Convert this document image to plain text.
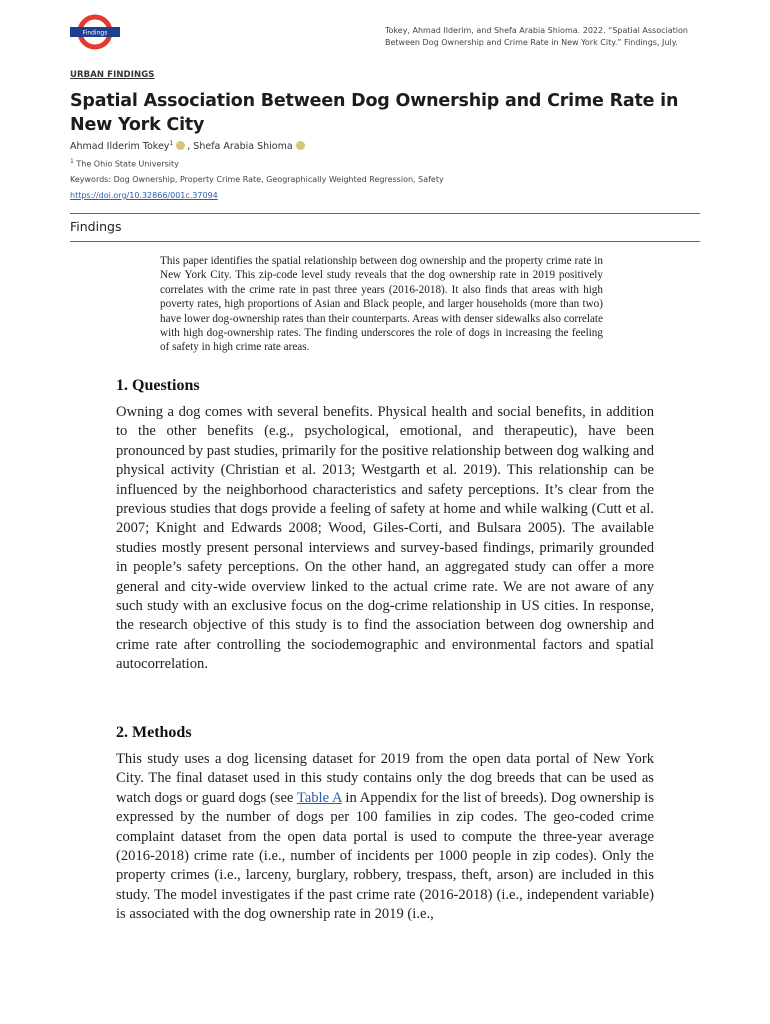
Findings	Tokey, Ahmad Ilderim, and Shefa Arabia Shioma. 2022. “Spatial Association Between Dog Ownership and Crime Rate in New York City.” Findings, July.
URBAN FINDINGS
Spatial Association Between Dog Ownership and Crime Rate in New York City
Ahmad Ilderim Tokey$^1$ , Shefa Arabia Shioma
$^1$ The Ohio State University
Keywords: Dog Ownership, Property Crime Rate, Geographically Weighted Regression, Safety
https://doi.org/10.32866/001c.37094
Findings

This paper identifies the spatial relationship between dog ownership and the property crime rate in New York City. This zip-code level study reveals that the dog ownership rate in 2019 positively correlates with the crime rate in past three years (2016-2018). It also finds that areas with high poverty rates, high proportions of Asian and Black people, and larger households (more than two) have lower dog-ownership rates than their counterparts. Areas with denser sidewalks also correlate with high dog-ownership rates. The finding underscores the role of dogs in increasing the feeling of safety in high crime rate areas.

1. Questions

Owning a dog comes with several benefits. Physical health and social benefits, in addition to the other benefits (e.g., psychological, emotional, and therapeutic), have been pronounced by past studies, primarily for the positive relationship between dog walking and physical activity (Christian et al. 2013; Westgarth et al. 2019). This relationship can be influenced by the neighborhood characteristics and safety perceptions. It’s clear from the previous studies that dogs provide a feeling of safety at home and while walking (Cutt et al. 2007; Knight and Edwards 2008; Wood, Giles-Corti, and Bulsara 2005). The available studies mostly present personal interviews and survey-based findings, primarily grounded in people’s safety perceptions. On the other hand, an aggregated study can offer a more general and city-wide overview linked to the actual crime rate. We are not aware of any such study with an exclusive focus on the dog-crime relationship in US cities. In response, the research objective of this study is to find the association between dog ownership and crime rate after controlling the sociodemographic and environmental factors and spatial autocorrelation.

2. Methods

This study uses a dog licensing dataset for 2019 from the open data portal of New York City. The final dataset used in this study contains only the dog breeds that can be used as watch dogs or guard dogs (see Table A in Appendix for the list of breeds). Dog ownership is expressed by the number of dogs per 100 families in zip codes. The geo-coded crime complaint dataset from the open data portal is used to compute the three-year average (2016-2018) crime rate (i.e., number of incidents per 1000 people in zip codes). Only the property crimes (i.e., larceny, burglary, robbery, trespass, theft, arson) are included in this study. The model investigates if the past crime rate (2016-2018) (i.e., independent variable) is associated with the dog ownership rate in 2019 (i.e.,
